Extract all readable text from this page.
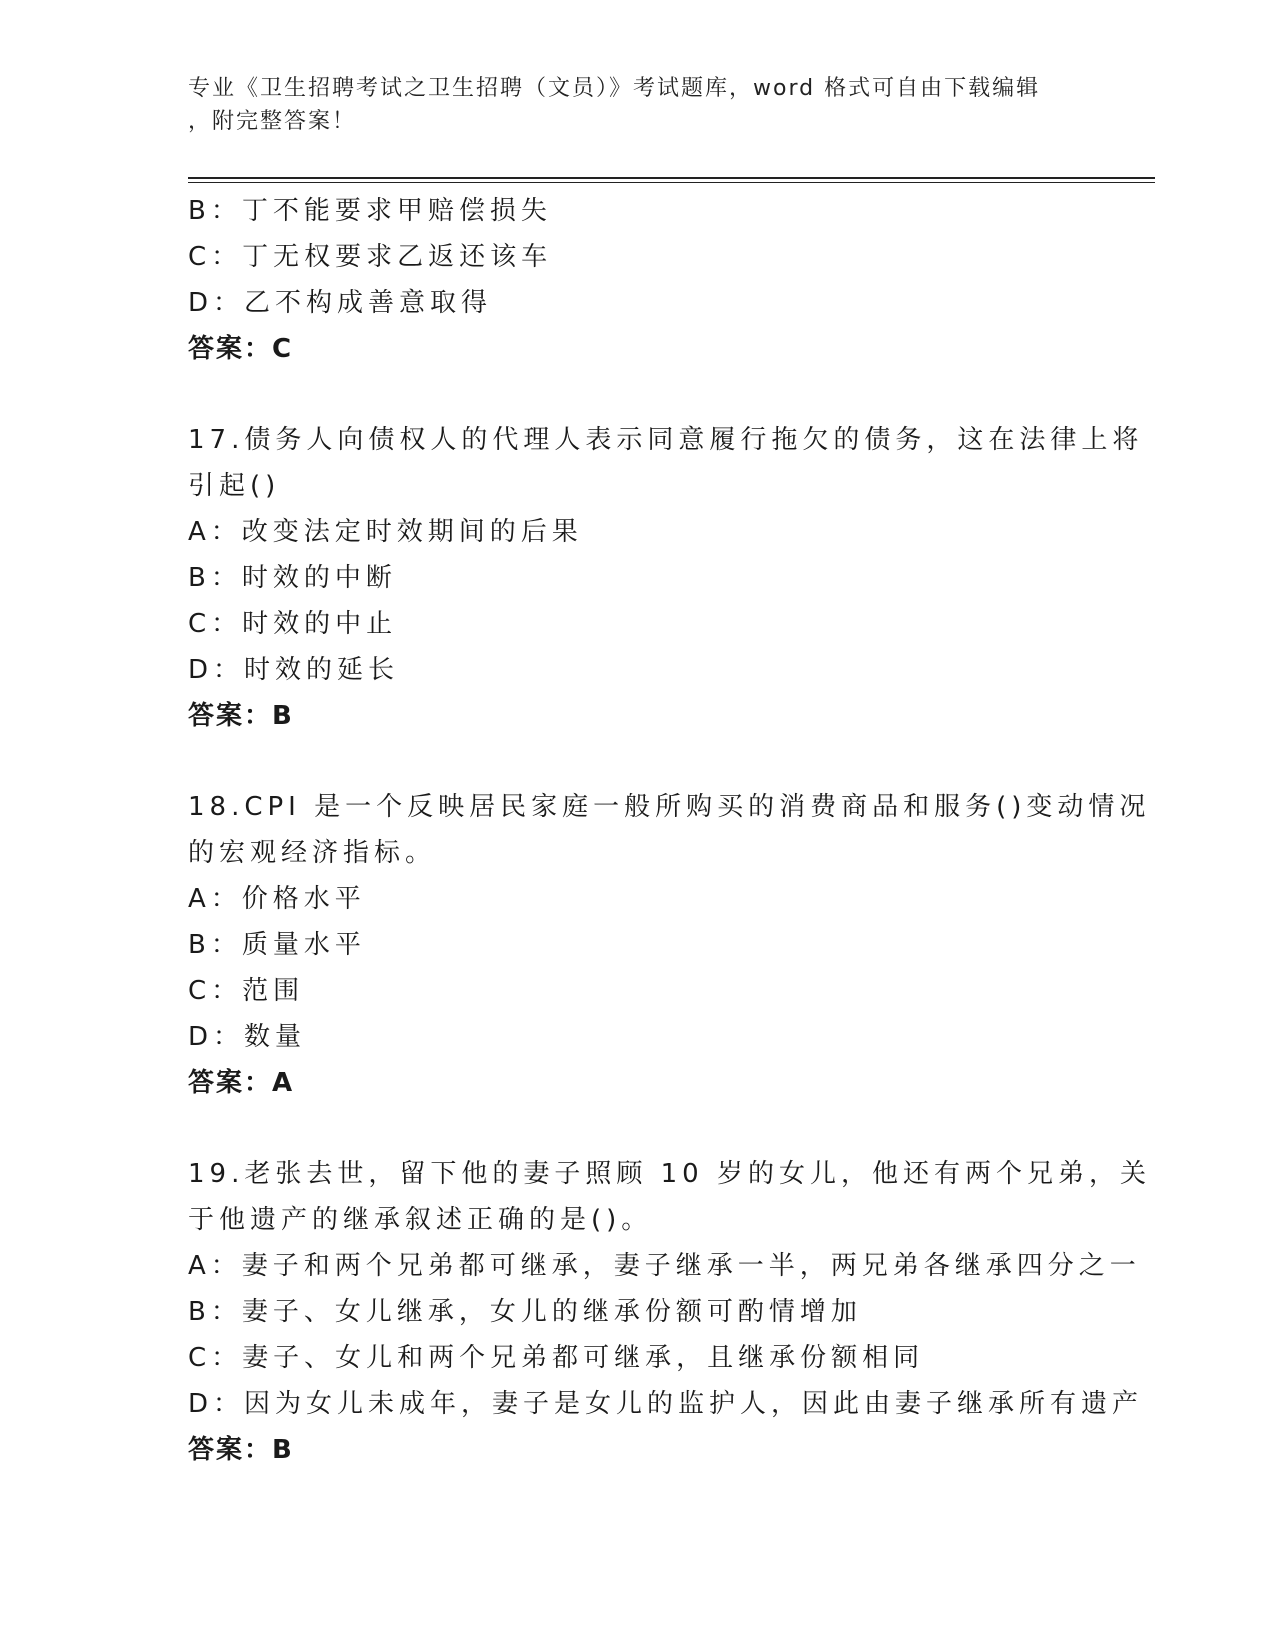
专业《卫生招聘考试之卫生招聘（文员）》考试题库，word 格式可自由下载编辑
，附完整答案！
B：丁不能要求甲赔偿损失
C：丁无权要求乙返还该车
D：乙不构成善意取得
答案：C
17.债务人向债权人的代理人表示同意履行拖欠的债务，这在法律上将
引起()
A：改变法定时效期间的后果
B：时效的中断
C：时效的中止
D：时效的延长
答案：B
18.CPI 是一个反映居民家庭一般所购买的消费商品和服务()变动情况
的宏观经济指标。
A：价格水平
B：质量水平
C：范围
D：数量
答案：A
19.老张去世，留下他的妻子照顾 10 岁的女儿，他还有两个兄弟，关
于他遗产的继承叙述正确的是()。
A：妻子和两个兄弟都可继承，妻子继承一半，两兄弟各继承四分之一
B：妻子、女儿继承，女儿的继承份额可酌情增加
C：妻子、女儿和两个兄弟都可继承，且继承份额相同
D：因为女儿未成年，妻子是女儿的监护人，因此由妻子继承所有遗产
答案：B
